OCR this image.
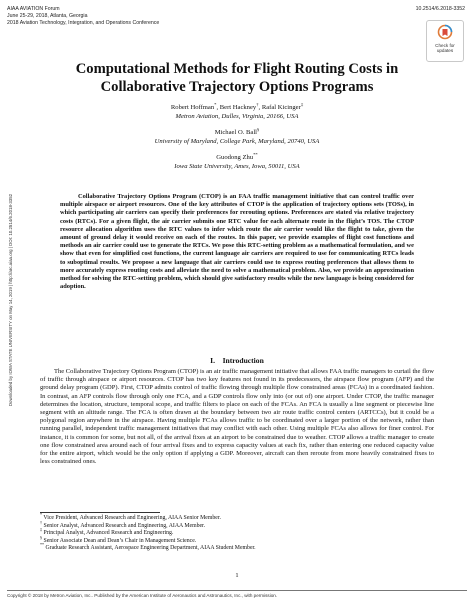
AIAA AVIATION Forum
June 25-29, 2018, Atlanta, Georgia
2018 Aviation Technology, Integration, and Operations Conference
10.2514/6.2018-3352
Check for
updates
Downloaded by IOWA STATE UNIVERSITY on May 14, 2019 | http://arc.aiaa.org | DOI: 10.2514/6.2018-3352
Computational Methods for Flight Routing Costs in Collaborative Trajectory Options Programs
Robert Hoffman*, Bert Hackney†, Rafal Kicinger‡
Metron Aviation, Dulles, Virginia, 20166, USA
Michael O. Ball§
University of Maryland, College Park, Maryland, 20740, USA
Guodong Zhu**
Iowa State University, Ames, Iowa, 50011, USA

Collaborative Trajectory Options Program (CTOP) is an FAA traffic management initiative that can control traffic over multiple airspace or airport resources. One of the key attributes of CTOP is the application of trajectory options sets (TOSs), in which participating air carriers can specify their preferences for rerouting options. Preferences are stated via relative trajectory costs (RTCs). For a given flight, the air carrier submits one RTC value for each alternate route in the flight’s TOS. The CTOP resource allocation algorithm uses the RTC values to infer which route the air carrier would like the flight to take, given the amount of ground delay it would receive on each of the routes. In this paper, we provide examples of flight cost functions and methods an air carrier could use to generate the RTCs. We pose this RTC-setting problem as a mathematical formulation, and we show that even for simplified cost functions, the current language air carriers are required to use for communicating RTCs leads to suboptimal results. We propose a new language that air carriers could use to express routing preferences that allows them to more accurately express routing costs and alleviate the need to solve a mathematical problem. Also, we provide an approximation method for solving the RTC-setting problem, which should give satisfactory results while the new language is being considered for adoption.

I. Introduction

The Collaborative Trajectory Options Program (CTOP) is an air traffic management initiative that allows FAA traffic managers to curtail the flow of traffic through airspace or airport resources. CTOP has two key features not found in its predecessors, the airspace flow program (AFP) and the ground delay program (GDP). First, CTOP admits control of traffic flowing through multiple flow constrained areas (FCAs) in a coordinated fashion. In contrast, an AFP controls flow through only one FCA, and a GDP controls flow only into (or out of) one airport. Under CTOP, the traffic manager determines the location, structure, temporal scope, and traffic filters to place on each of the FCAs. An FCA is usually a line segment or piecewise line segment with an altitude range. The FCA is often drawn at the boundary between two air route traffic control centers (ARTCCs), but it could be a polygonal region anywhere in the airspace. Having multiple FCAs allows traffic to be coordinated over a larger portion of the network, rather than running parallel, independent traffic management initiatives that may conflict with each other. Using multiple FCAs also allows for finer control. For instance, it is common for some, but not all, of the arrival fixes at an airport to be constrained due to weather. CTOP allows a traffic manager to create one flow constrained area around each of four arrival fixes and to express capacity values at each fix, rather than entering one reduced capacity value for the entire airport, which would be the only option if applying a GDP. Moreover, aircraft can then reroute from more heavily constrained fixes to less constrained ones.

* Vice President, Advanced Research and Engineering, AIAA Senior Member.
† Senior Analyst, Advanced Research and Engineering, AIAA Member.
‡ Principal Analyst, Advanced Research and Engineering.
§ Senior Associate Dean and Dean’s Chair in Management Science.
** Graduate Research Assistant, Aerospace Engineering Department, AIAA Student Member.
1
Copyright © 2018 by Metron Aviation, Inc.. Published by the American Institute of Aeronautics and Astronautics, Inc., with permission.
